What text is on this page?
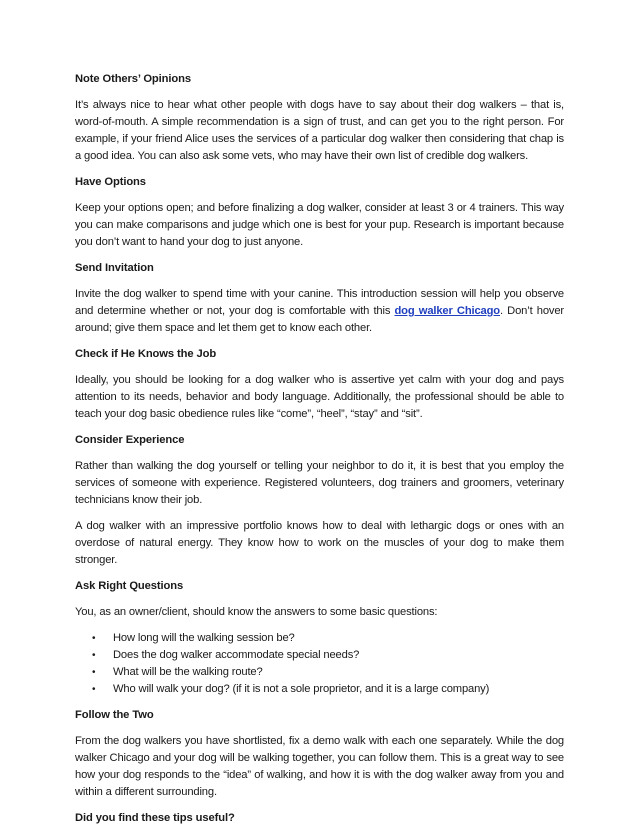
Note Others’ Opinions

It’s always nice to hear what other people with dogs have to say about their dog walkers – that is, word-of-mouth. A simple recommendation is a sign of trust, and can get you to the right person. For example, if your friend Alice uses the services of a particular dog walker then considering that chap is a good idea. You can also ask some vets, who may have their own list of credible dog walkers.

Have Options

Keep your options open; and before finalizing a dog walker, consider at least 3 or 4 trainers. This way you can make comparisons and judge which one is best for your pup. Research is important because you don’t want to hand your dog to just anyone.

Send Invitation

Invite the dog walker to spend time with your canine. This introduction session will help you observe and determine whether or not, your dog is comfortable with this dog walker Chicago. Don’t hover around; give them space and let them get to know each other.

Check if He Knows the Job

Ideally, you should be looking for a dog walker who is assertive yet calm with your dog and pays attention to its needs, behavior and body language. Additionally, the professional should be able to teach your dog basic obedience rules like “come”, “heel”, “stay” and “sit”.

Consider Experience

Rather than walking the dog yourself or telling your neighbor to do it, it is best that you employ the services of someone with experience. Registered volunteers, dog trainers and groomers, veterinary technicians know their job.

A dog walker with an impressive portfolio knows how to deal with lethargic dogs or ones with an overdose of natural energy. They know how to work on the muscles of your dog to make them stronger.

Ask Right Questions

You, as an owner/client, should know the answers to some basic questions:

• How long will the walking session be?
• Does the dog walker accommodate special needs?
• What will be the walking route?
• Who will walk your dog? (if it is not a sole proprietor, and it is a large company)
Follow the Two

From the dog walkers you have shortlisted, fix a demo walk with each one separately. While the dog walker Chicago and your dog will be walking together, you can follow them. This is a great way to see how your dog responds to the “idea” of walking, and how it is with the dog walker away from you and within a different surrounding.

Did you find these tips useful?
